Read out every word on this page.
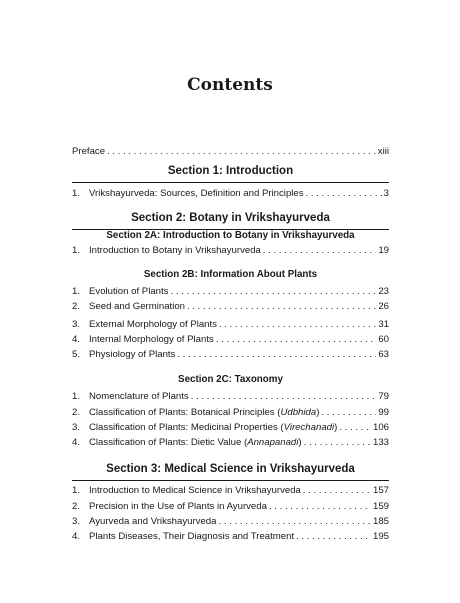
Contents
Preface . . .	xiii
Section 1: Introduction
1. Vrikshayurveda: Sources, Definition and Principles . . .	3
Section 2: Botany in Vrikshayurveda
Section 2A: Introduction to Botany in Vrikshayurveda
1. Introduction to Botany in Vrikshayurveda . . .	19
Section 2B: Information About Plants
1. Evolution of Plants . . .	23
2. Seed and Germination . . .	26
3. External Morphology of Plants . . .	31
4. Internal Morphology of Plants . . .	60
5. Physiology of Plants . . .	63
Section 2C: Taxonomy
1. Nomenclature of Plants . . .	79
2. Classification of Plants: Botanical Principles (Udbhida) . . .	99
3. Classification of Plants: Medicinal Properties (Virechanadi) . . .	106
4. Classification of Plants: Dietic Value (Annapanadi) . . .	133
Section 3: Medical Science in Vrikshayurveda
1. Introduction to Medical Science in Vrikshayurveda . . .	157
2. Precision in the Use of Plants in Ayurveda . . .	159
3. Ayurveda and Vrikshayurveda . . .	185
4. Plants Diseases, Their Diagnosis and Treatment . . .	195
